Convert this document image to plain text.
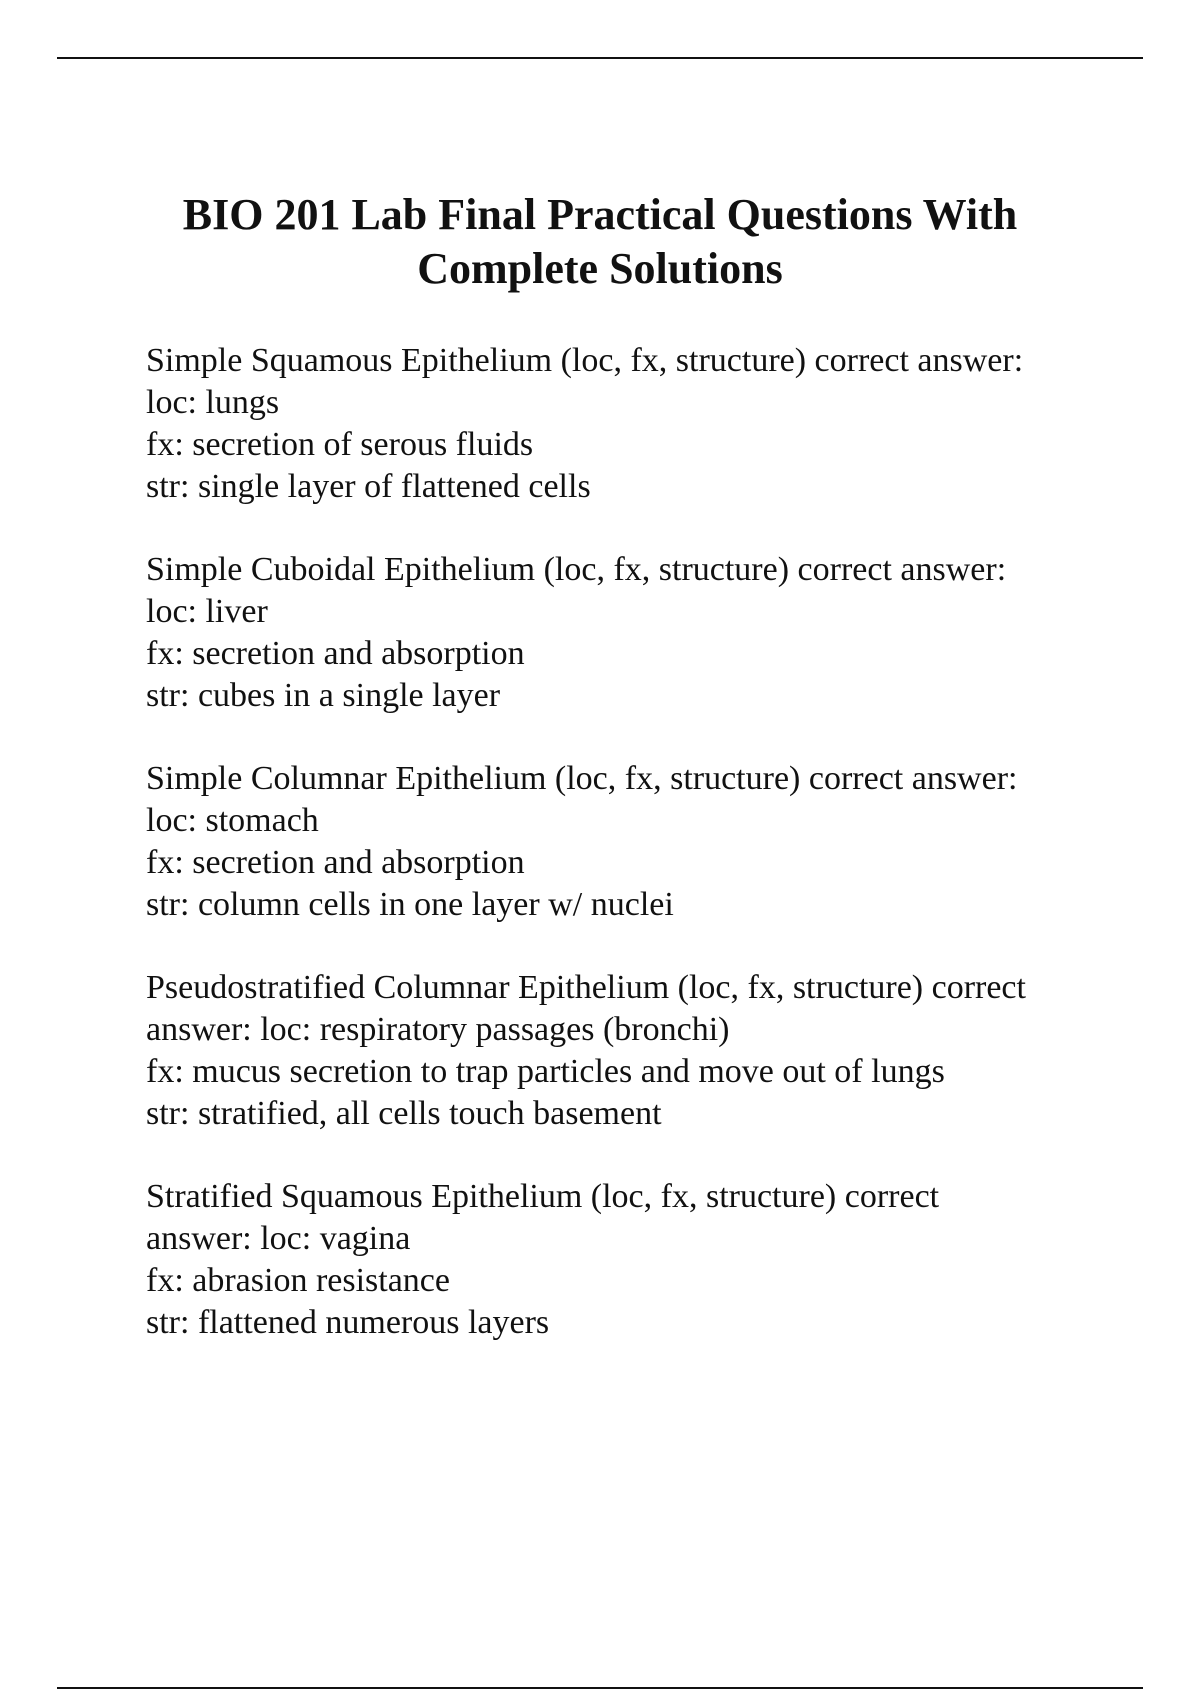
BIO 201 Lab Final Practical Questions With
Complete Solutions
Simple Squamous Epithelium (loc, fx, structure) correct answer:
loc: lungs
fx: secretion of serous fluids
str: single layer of flattened cells
Simple Cuboidal Epithelium (loc, fx, structure) correct answer:
loc: liver
fx: secretion and absorption
str: cubes in a single layer
Simple Columnar Epithelium (loc, fx, structure) correct answer:
loc: stomach
fx: secretion and absorption
str: column cells in one layer w/ nuclei
Pseudostratified Columnar Epithelium (loc, fx, structure) correct
answer: loc: respiratory passages (bronchi)
fx: mucus secretion to trap particles and move out of lungs
str: stratified, all cells touch basement
Stratified Squamous Epithelium (loc, fx, structure) correct
answer: loc: vagina
fx: abrasion resistance
str: flattened numerous layers
